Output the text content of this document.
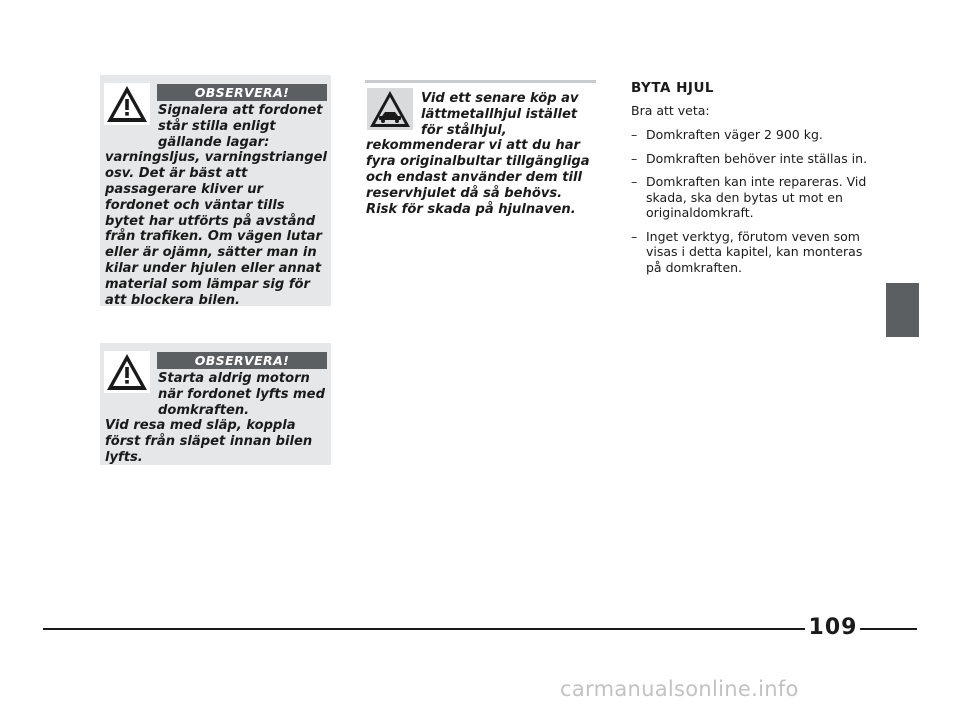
OBSERVERA!
Signalera att fordonet står stilla enligt gällande lagar: varningsljus, varningstriangel osv. Det är bäst att passagerare kliver ur fordonet och väntar tills bytet har utförts på avstånd från trafiken. Om vägen lutar eller är ojämn, sätter man in kilar under hjulen eller annat material som lämpar sig för att blockera bilen.
OBSERVERA!
Starta aldrig motorn när fordonet lyfts med domkraften.
Vid resa med släp, koppla först från släpet innan bilen lyfts.
Vid ett senare köp av lättmetallhjul istället för stålhjul, rekommenderar vi att du har fyra originalbultar tillgängliga och endast använder dem till reservhjulet då så behövs. Risk för skada på hjulnaven.
BYTA HJUL
Bra att veta:
– Domkraften väger 2 900 kg.
– Domkraften behöver inte ställas in.
– Domkraften kan inte repareras. Vid skada, ska den bytas ut mot en originaldomkraft.
– Inget verktyg, förutom veven som visas i detta kapitel, kan monteras på domkraften.
109
carmanualsonline.info
